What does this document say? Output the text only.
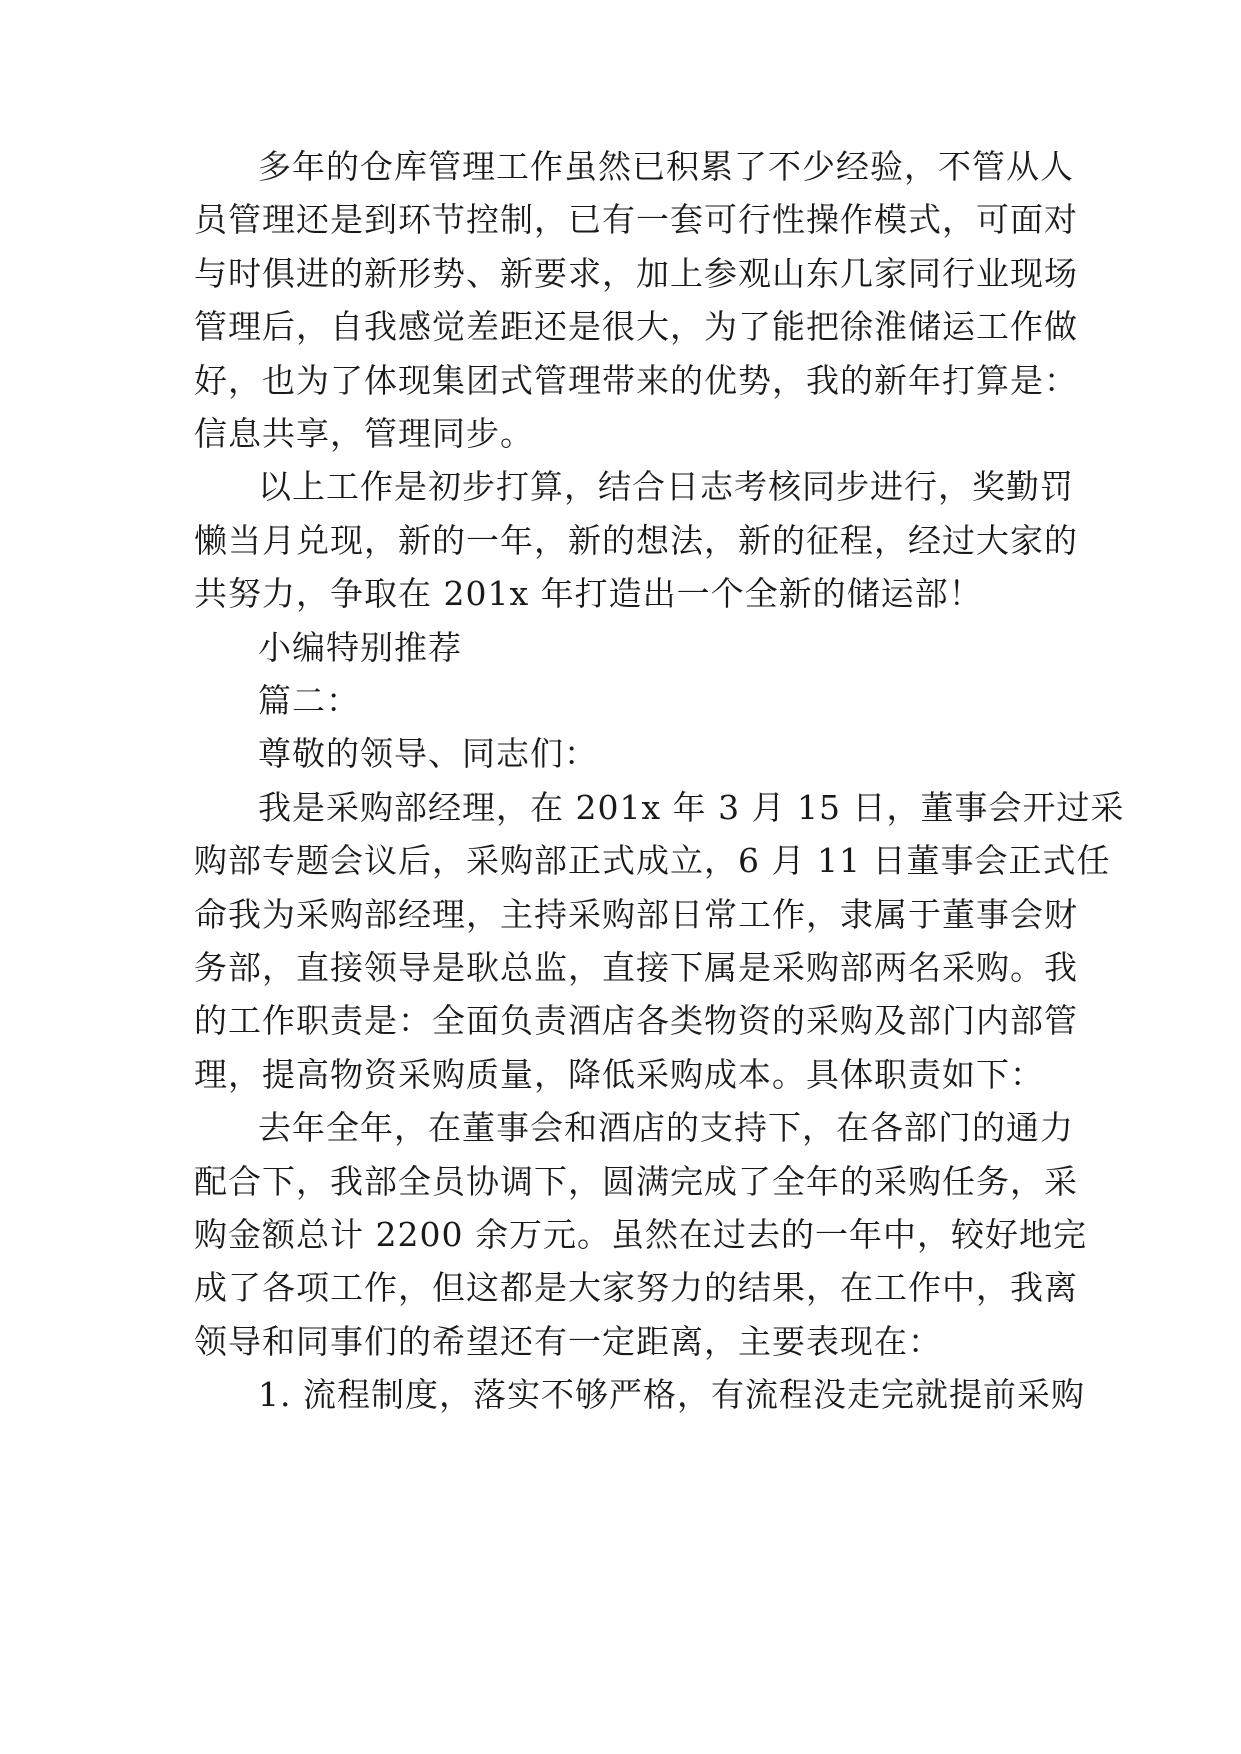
多年的仓库管理工作虽然已积累了不少经验，不管从人
员管理还是到环节控制，已有一套可行性操作模式，可面对
与时俱进的新形势、新要求，加上参观山东几家同行业现场
管理后，自我感觉差距还是很大，为了能把徐淮储运工作做
好，也为了体现集团式管理带来的优势，我的新年打算是：
信息共享，管理同步。
以上工作是初步打算，结合日志考核同步进行，奖勤罚
懒当月兑现，新的一年，新的想法，新的征程，经过大家的
共努力，争取在 201x 年打造出一个全新的储运部！
小编特别推荐
篇二：
尊敬的领导、同志们：
我是采购部经理，在 201x 年 3 月 15 日，董事会开过采
购部专题会议后，采购部正式成立，6 月 11 日董事会正式任
命我为采购部经理，主持采购部日常工作，隶属于董事会财
务部，直接领导是耿总监，直接下属是采购部两名采购。我
的工作职责是：全面负责酒店各类物资的采购及部门内部管
理，提高物资采购质量，降低采购成本。具体职责如下：
去年全年，在董事会和酒店的支持下，在各部门的通力
配合下，我部全员协调下，圆满完成了全年的采购任务，采
购金额总计 2200 余万元。虽然在过去的一年中，较好地完
成了各项工作，但这都是大家努力的结果，在工作中，我离
领导和同事们的希望还有一定距离，主要表现在：
1. 流程制度，落实不够严格，有流程没走完就提前采购
